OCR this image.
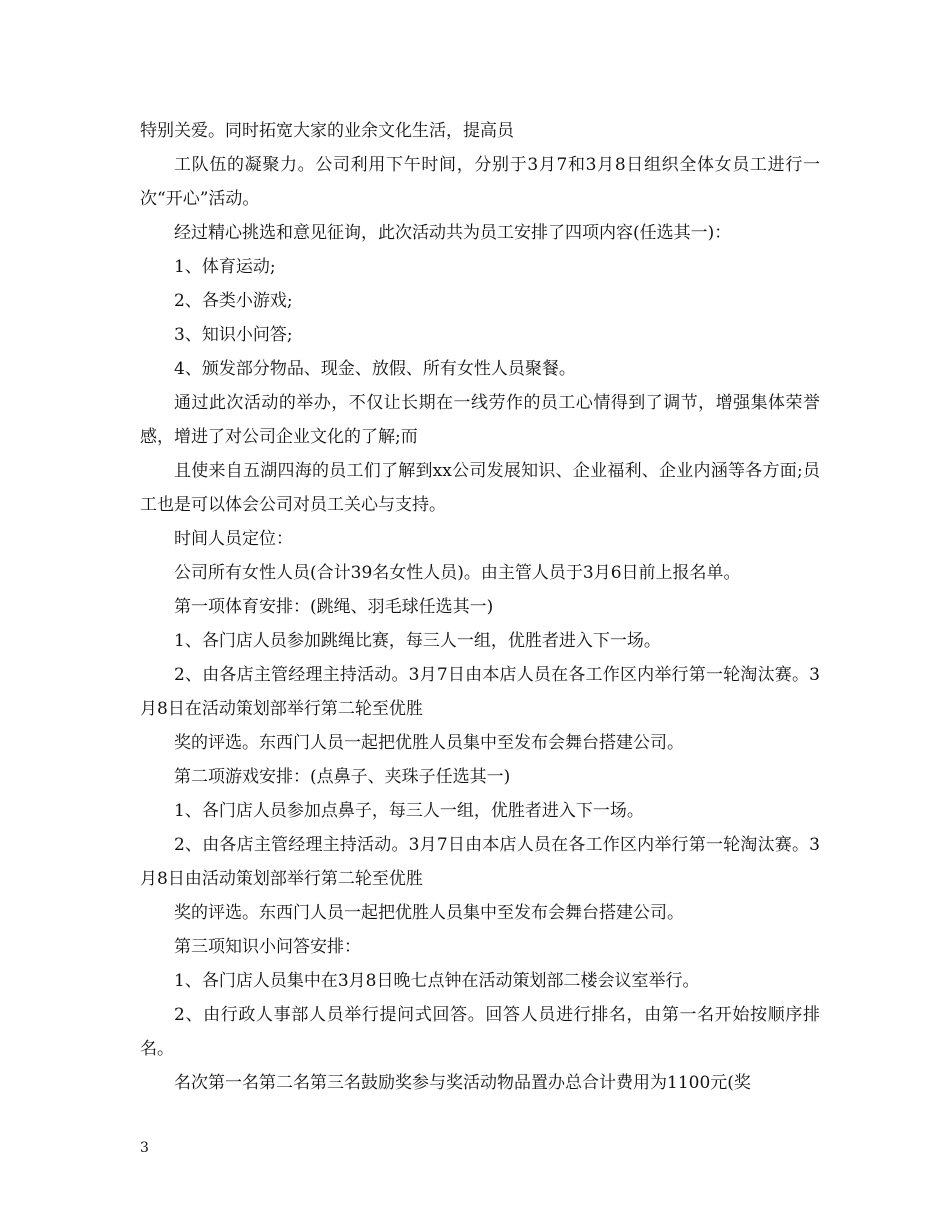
特别关爱。同时拓宽大家的业余文化生活，提高员

工队伍的凝聚力。公司利用下午时间，分别于3月7和3月8日组织全体女员工进行一次“开心”活动。

经过精心挑选和意见征询，此次活动共为员工安排了四项内容(任选其一)：

1、体育运动;

2、各类小游戏;

3、知识小问答;

4、颁发部分物品、现金、放假、所有女性人员聚餐。

通过此次活动的举办，不仅让长期在一线劳作的员工心情得到了调节，增强集体荣誉感，增进了对公司企业文化的了解;而

且使来自五湖四海的员工们了解到xx公司发展知识、企业福利、企业内涵等各方面;员工也是可以体会公司对员工关心与支持。

时间人员定位：

公司所有女性人员(合计39名女性人员)。由主管人员于3月6日前上报名单。

第一项体育安排：(跳绳、羽毛球任选其一)

1、各门店人员参加跳绳比赛，每三人一组，优胜者进入下一场。

2、由各店主管经理主持活动。3月7日由本店人员在各工作区内举行第一轮淘汰赛。3月8日在活动策划部举行第二轮至优胜

奖的评选。东西门人员一起把优胜人员集中至发布会舞台搭建公司。

第二项游戏安排：(点鼻子、夹珠子任选其一)

1、各门店人员参加点鼻子，每三人一组，优胜者进入下一场。

2、由各店主管经理主持活动。3月7日由本店人员在各工作区内举行第一轮淘汰赛。3月8日由活动策划部举行第二轮至优胜

奖的评选。东西门人员一起把优胜人员集中至发布会舞台搭建公司。

第三项知识小问答安排：

1、各门店人员集中在3月8日晚七点钟在活动策划部二楼会议室举行。

2、由行政人事部人员举行提问式回答。回答人员进行排名，由第一名开始按顺序排名。

名次第一名第二名第三名鼓励奖参与奖活动物品置办总合计费用为1100元(奖

3
